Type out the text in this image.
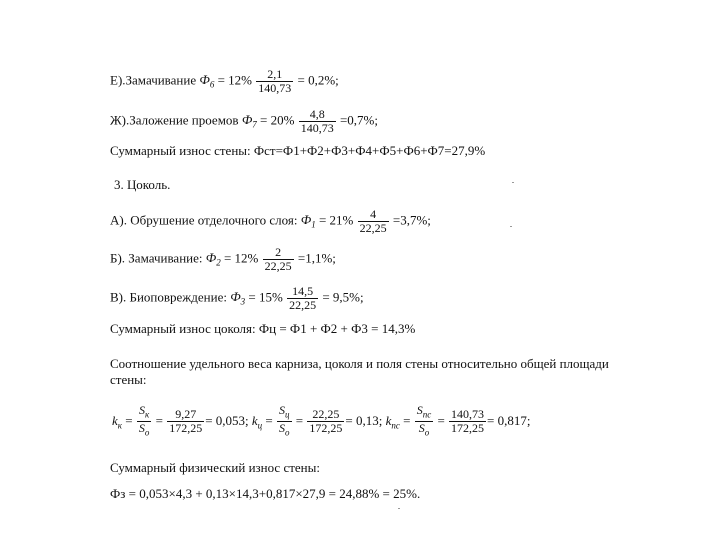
Е).Замачивание $Ф_6 = 12\% \frac{2,1}{140,73} = 0,2\%$;
Ж).Заложение проемов $Ф_7 = 20\% \frac{4,8}{140,73} =0,7\%$;
Суммарный износ стены: Фст=Ф1+Ф2+Ф3+Ф4+Ф5+Ф6+Ф7=27,9%
3. Цоколь.
А). Обрушение отделочного слоя: $Ф_1 = 21\% \frac{4}{22,25} =3,7\%$;
Б). Замачивание: $Ф_2 = 12\% \frac{2}{22,25} =1,1\%$;
В). Биоповреждение: $Ф_3 = 15\% \frac{14,5}{22,25} = 9,5\%$;
Суммарный износ цоколя: Фц = Ф1 + Ф2 + Ф3 = 14,3%
Соотношение удельного веса карниза, цоколя и поля стены относительно общей площади
стены:
$k_к = \frac{S_к}{S_о} = \frac{9,27}{172,25} = 0,053$; $k_ц = \frac{S_ц}{S_о} = \frac{22,25}{172,25} = 0,13$; $k_{пс} = \frac{S_{пс}}{S_о} = \frac{140,73}{172,25} = 0,817$;
Суммарный физический износ стены:
Фз = 0,053×4,3 + 0,13×14,3+0,817×27,9 = 24,88% = 25%.
